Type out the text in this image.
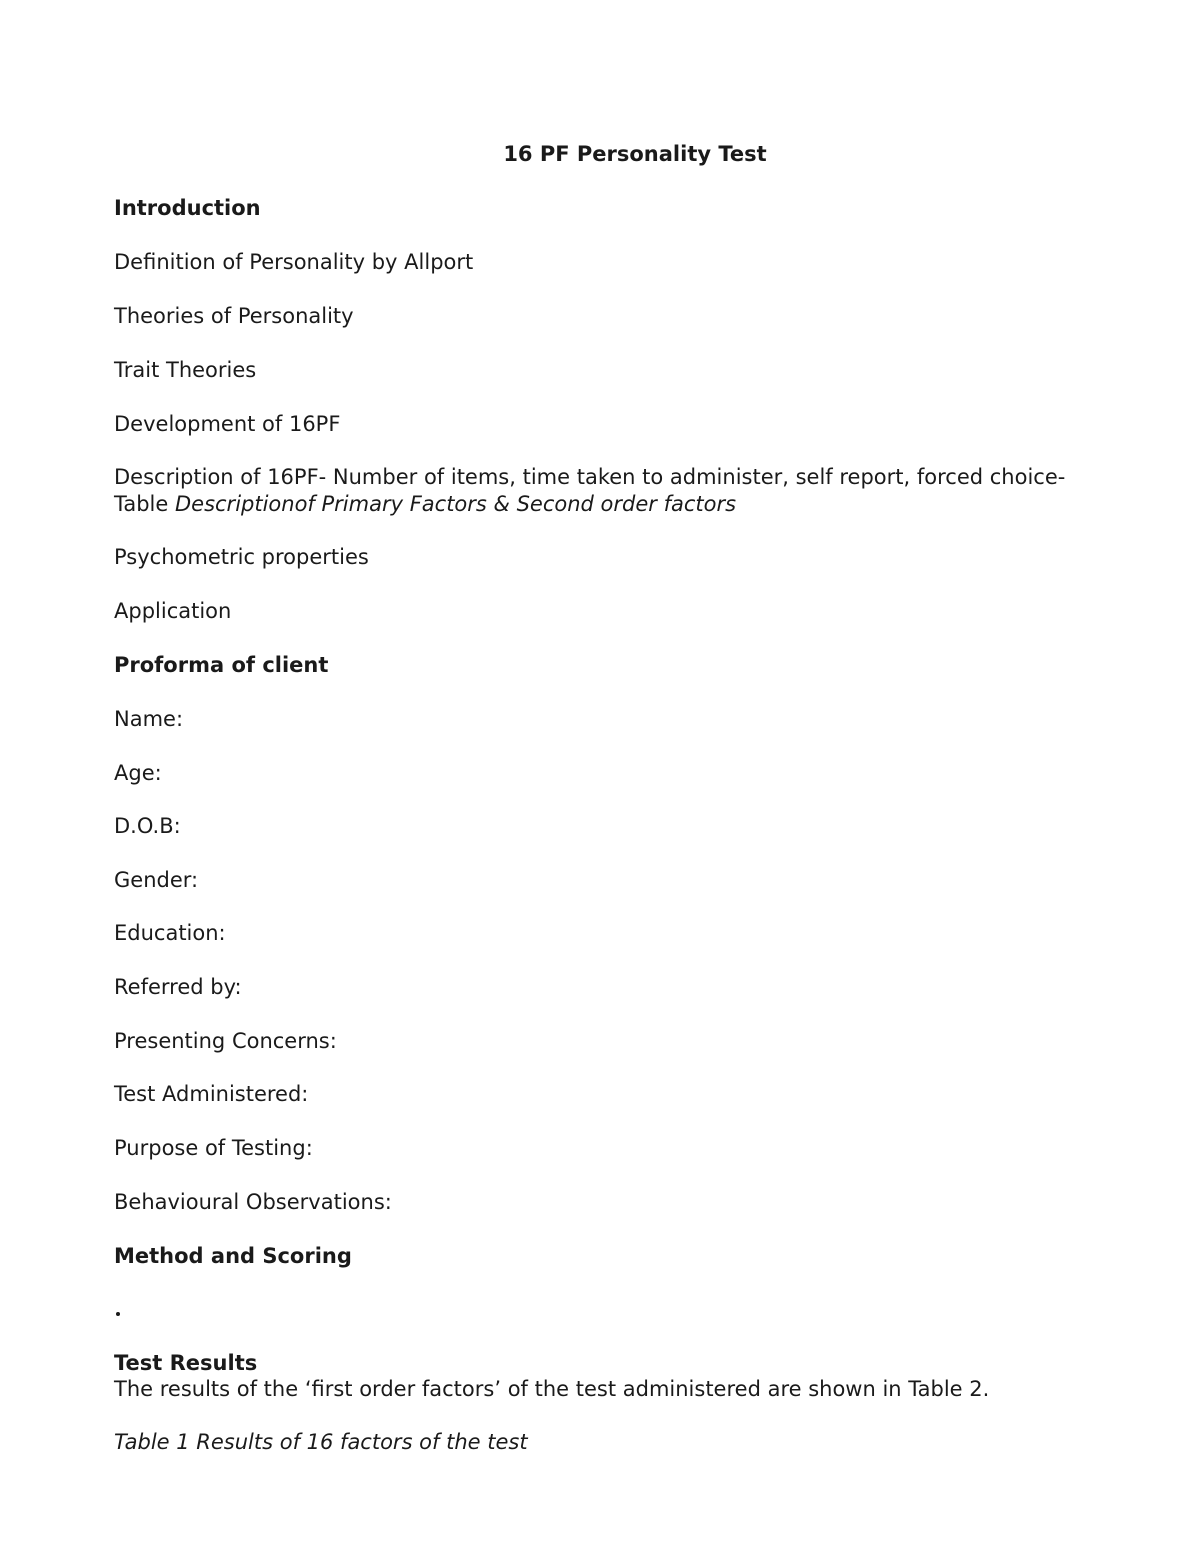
16 PF Personality Test

Introduction

Definition of Personality by Allport

Theories of Personality

Trait Theories

Development of 16PF

Description of 16PF- Number of items, time taken to administer, self report, forced choice-

Table Descriptionof Primary Factors & Second order factors

Psychometric properties

Application

Proforma of client

Name:

Age:

D.O.B:

Gender:

Education:

Referred by:

Presenting Concerns:

Test Administered:

Purpose of Testing:

Behavioural Observations:

Method and Scoring

Test Results

The results of the ‘first order factors’ of the test administered are shown in Table 2.

Table 1 Results of 16 factors of the test
